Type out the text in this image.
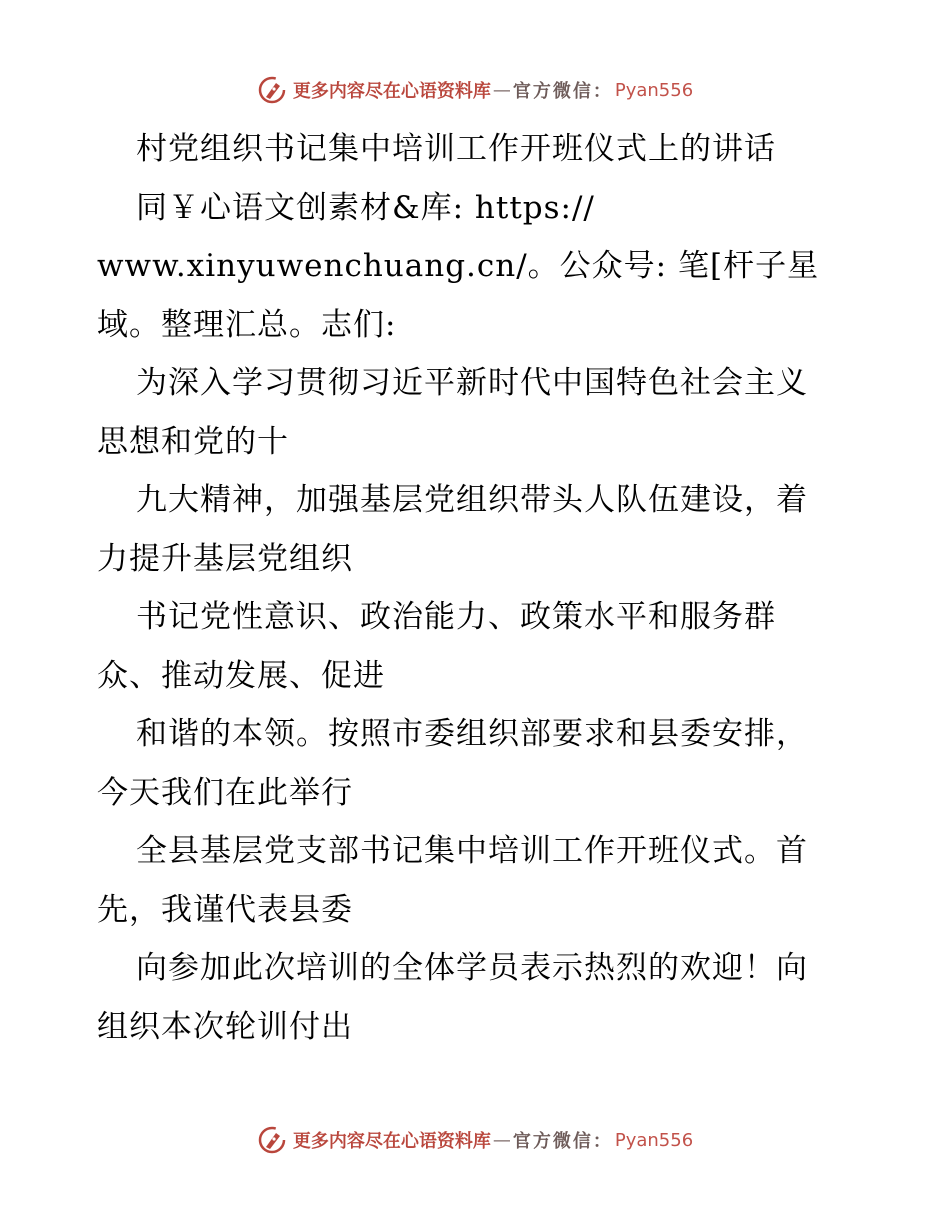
更多内容尽在心语资料库 — 官方微信： Pyan556
村党组织书记集中培训工作开班仪式上的讲话
同￥心语文创素材&库: https://
www.xinyuwenchuang.cn/。公众号: 笔[杆子星
域。整理汇总。志们:
为深入学习贯彻习近平新时代中国特色社会主义
思想和党的十
九大精神，加强基层党组织带头人队伍建设，着
力提升基层党组织
书记党性意识、政治能力、政策水平和服务群
众、推动发展、促进
和谐的本领。按照市委组织部要求和县委安排，
今天我们在此举行
全县基层党支部书记集中培训工作开班仪式。首
先，我谨代表县委
向参加此次培训的全体学员表示热烈的欢迎！向
组织本次轮训付出
更多内容尽在心语资料库 — 官方微信： Pyan556
